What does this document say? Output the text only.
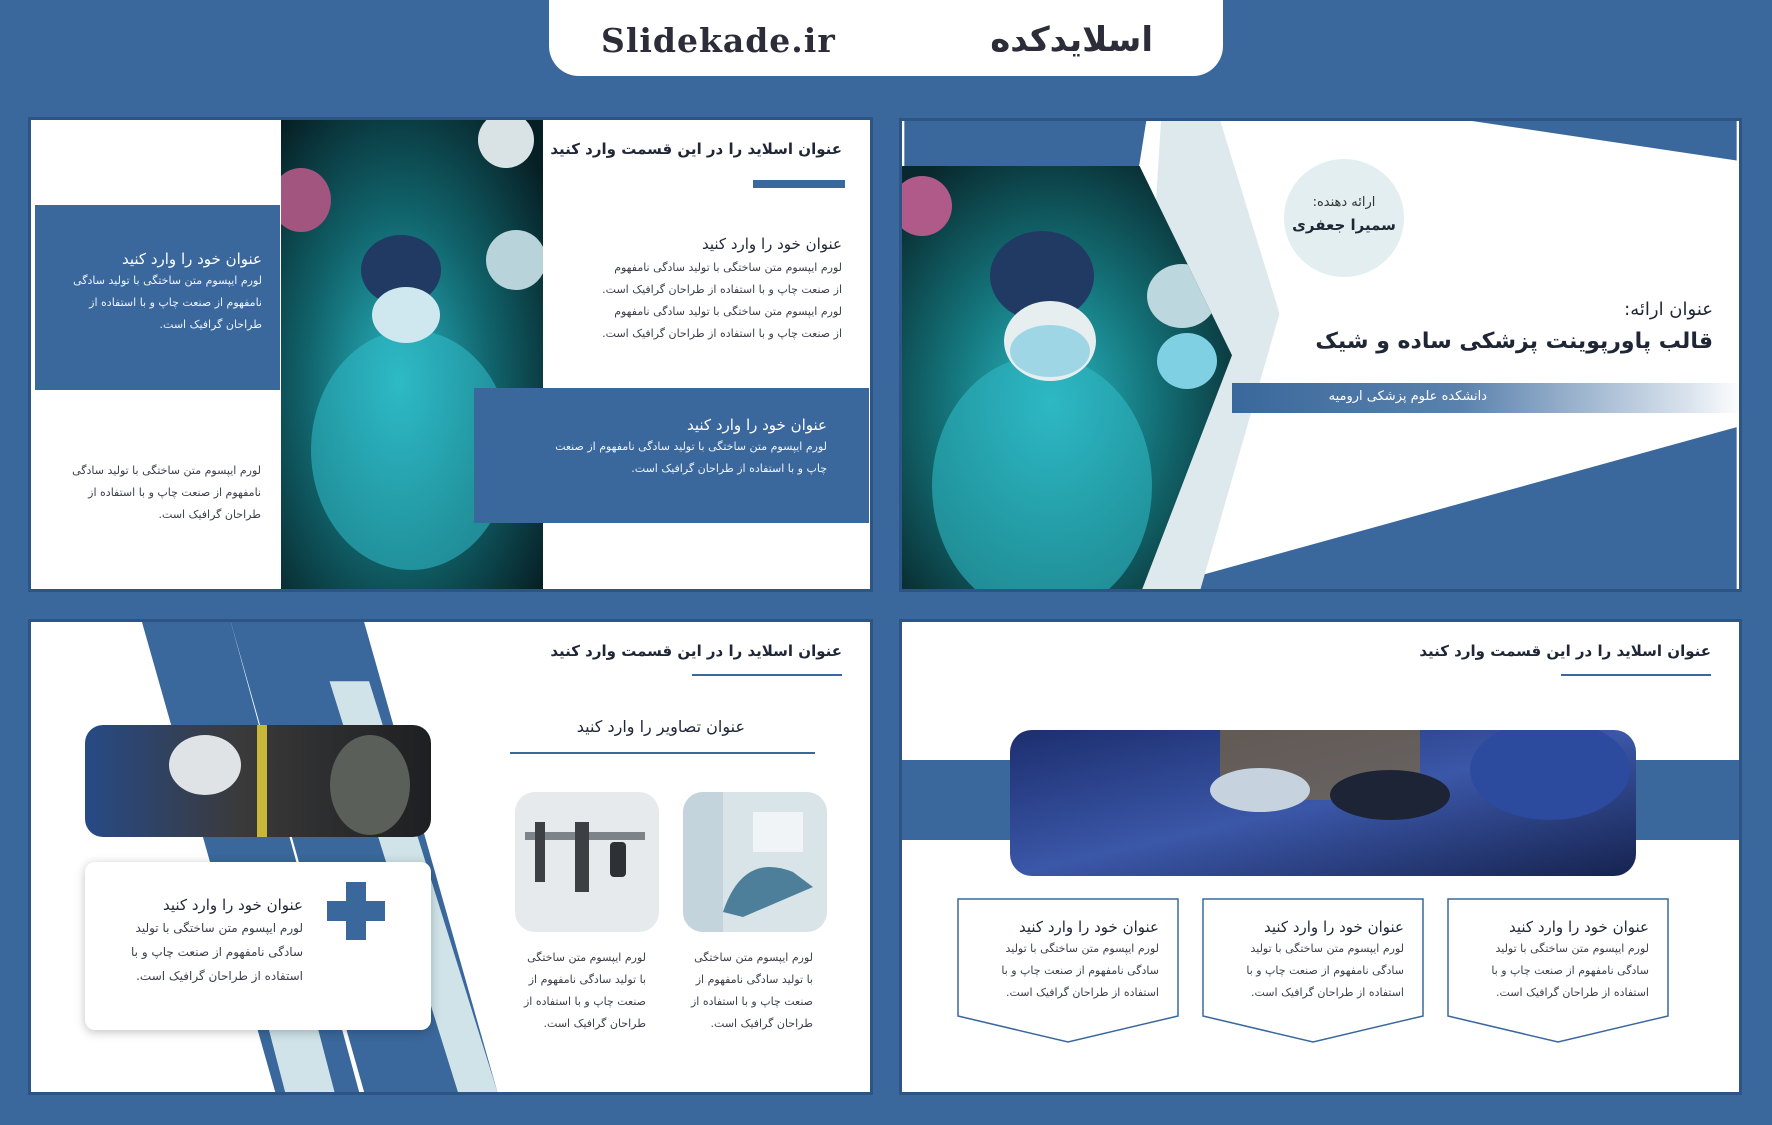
Slidekade.ir	اسلایدکده
ارائه دهنده:
سمیرا جعفری
عنوان ارائه:
قالب پاورپوینت پزشکی ساده و شیک
دانشکده علوم پزشکی ارومیه
عنوان اسلاید را در این قسمت وارد کنید
عنوان خود را وارد کنید
لورم ایپسوم متن ساختگی با تولید سادگی
نامفهوم از صنعت چاپ و با استفاده از
طراحان گرافیک است.
لورم ایپسوم متن ساختگی با تولید سادگی
نامفهوم از صنعت چاپ و با استفاده از
طراحان گرافیک است.
عنوان خود را وارد کنید
لورم ایپسوم متن ساختگی با تولید سادگی نامفهوم
از صنعت چاپ و با استفاده از طراحان گرافیک است.
لورم ایپسوم متن ساختگی با تولید سادگی نامفهوم
از صنعت چاپ و با استفاده از طراحان گرافیک است.
عنوان خود را وارد کنید
لورم ایپسوم متن ساختگی با تولید سادگی نامفهوم از صنعت
چاپ و با استفاده از طراحان گرافیک است.
عنوان اسلاید را در این قسمت وارد کنید
عنوان خود را وارد کنید
لورم ایپسوم متن ساختگی با تولید
سادگی نامفهوم از صنعت چاپ و با
استفاده از طراحان گرافیک است.
عنوان تصاویر را وارد کنید
لورم ایپسوم متن ساختگی
با تولید سادگی نامفهوم از
صنعت چاپ و با استفاده از
طراحان گرافیک است.
لورم ایپسوم متن ساختگی
با تولید سادگی نامفهوم از
صنعت چاپ و با استفاده از
طراحان گرافیک است.
عنوان اسلاید را در این قسمت وارد کنید
عنوان خود را وارد کنید
لورم ایپسوم متن ساختگی با تولید
سادگی نامفهوم از صنعت چاپ و با
استفاده از طراحان گرافیک است.
عنوان خود را وارد کنید
لورم ایپسوم متن ساختگی با تولید
سادگی نامفهوم از صنعت چاپ و با
استفاده از طراحان گرافیک است.
عنوان خود را وارد کنید
لورم ایپسوم متن ساختگی با تولید
سادگی نامفهوم از صنعت چاپ و با
استفاده از طراحان گرافیک است.
